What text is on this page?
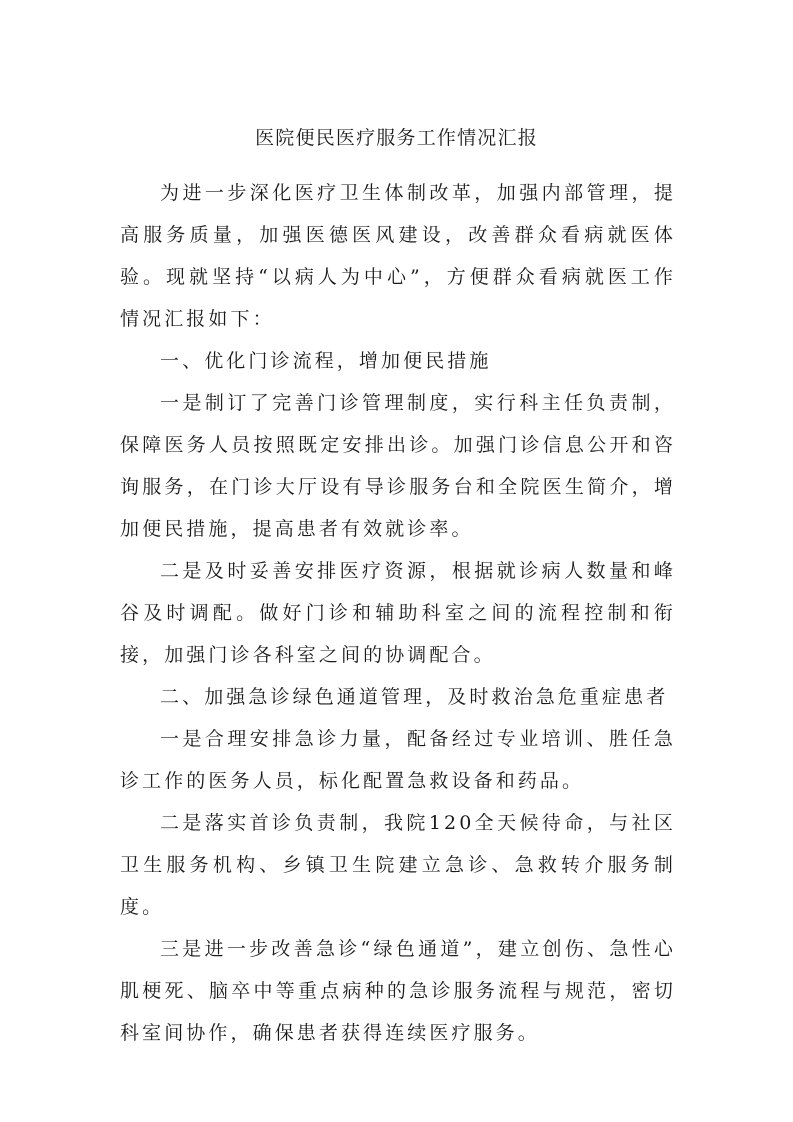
医院便民医疗服务工作情况汇报

为进一步深化医疗卫生体制改革，加强内部管理，提高服务质量，加强医德医风建设，改善群众看病就医体验。现就坚持“以病人为中心”，方便群众看病就医工作情况汇报如下：

一、优化门诊流程，增加便民措施

一是制订了完善门诊管理制度，实行科主任负责制，保障医务人员按照既定安排出诊。加强门诊信息公开和咨询服务，在门诊大厅设有导诊服务台和全院医生简介，增加便民措施，提高患者有效就诊率。

二是及时妥善安排医疗资源，根据就诊病人数量和峰谷及时调配。做好门诊和辅助科室之间的流程控制和衔接，加强门诊各科室之间的协调配合。

二、加强急诊绿色通道管理，及时救治急危重症患者

一是合理安排急诊力量，配备经过专业培训、胜任急诊工作的医务人员，标化配置急救设备和药品。

二是落实首诊负责制，我院120全天候待命，与社区卫生服务机构、乡镇卫生院建立急诊、急救转介服务制度。

三是进一步改善急诊“绿色通道”，建立创伤、急性心肌梗死、脑卒中等重点病种的急诊服务流程与规范，密切科室间协作，确保患者获得连续医疗服务。
